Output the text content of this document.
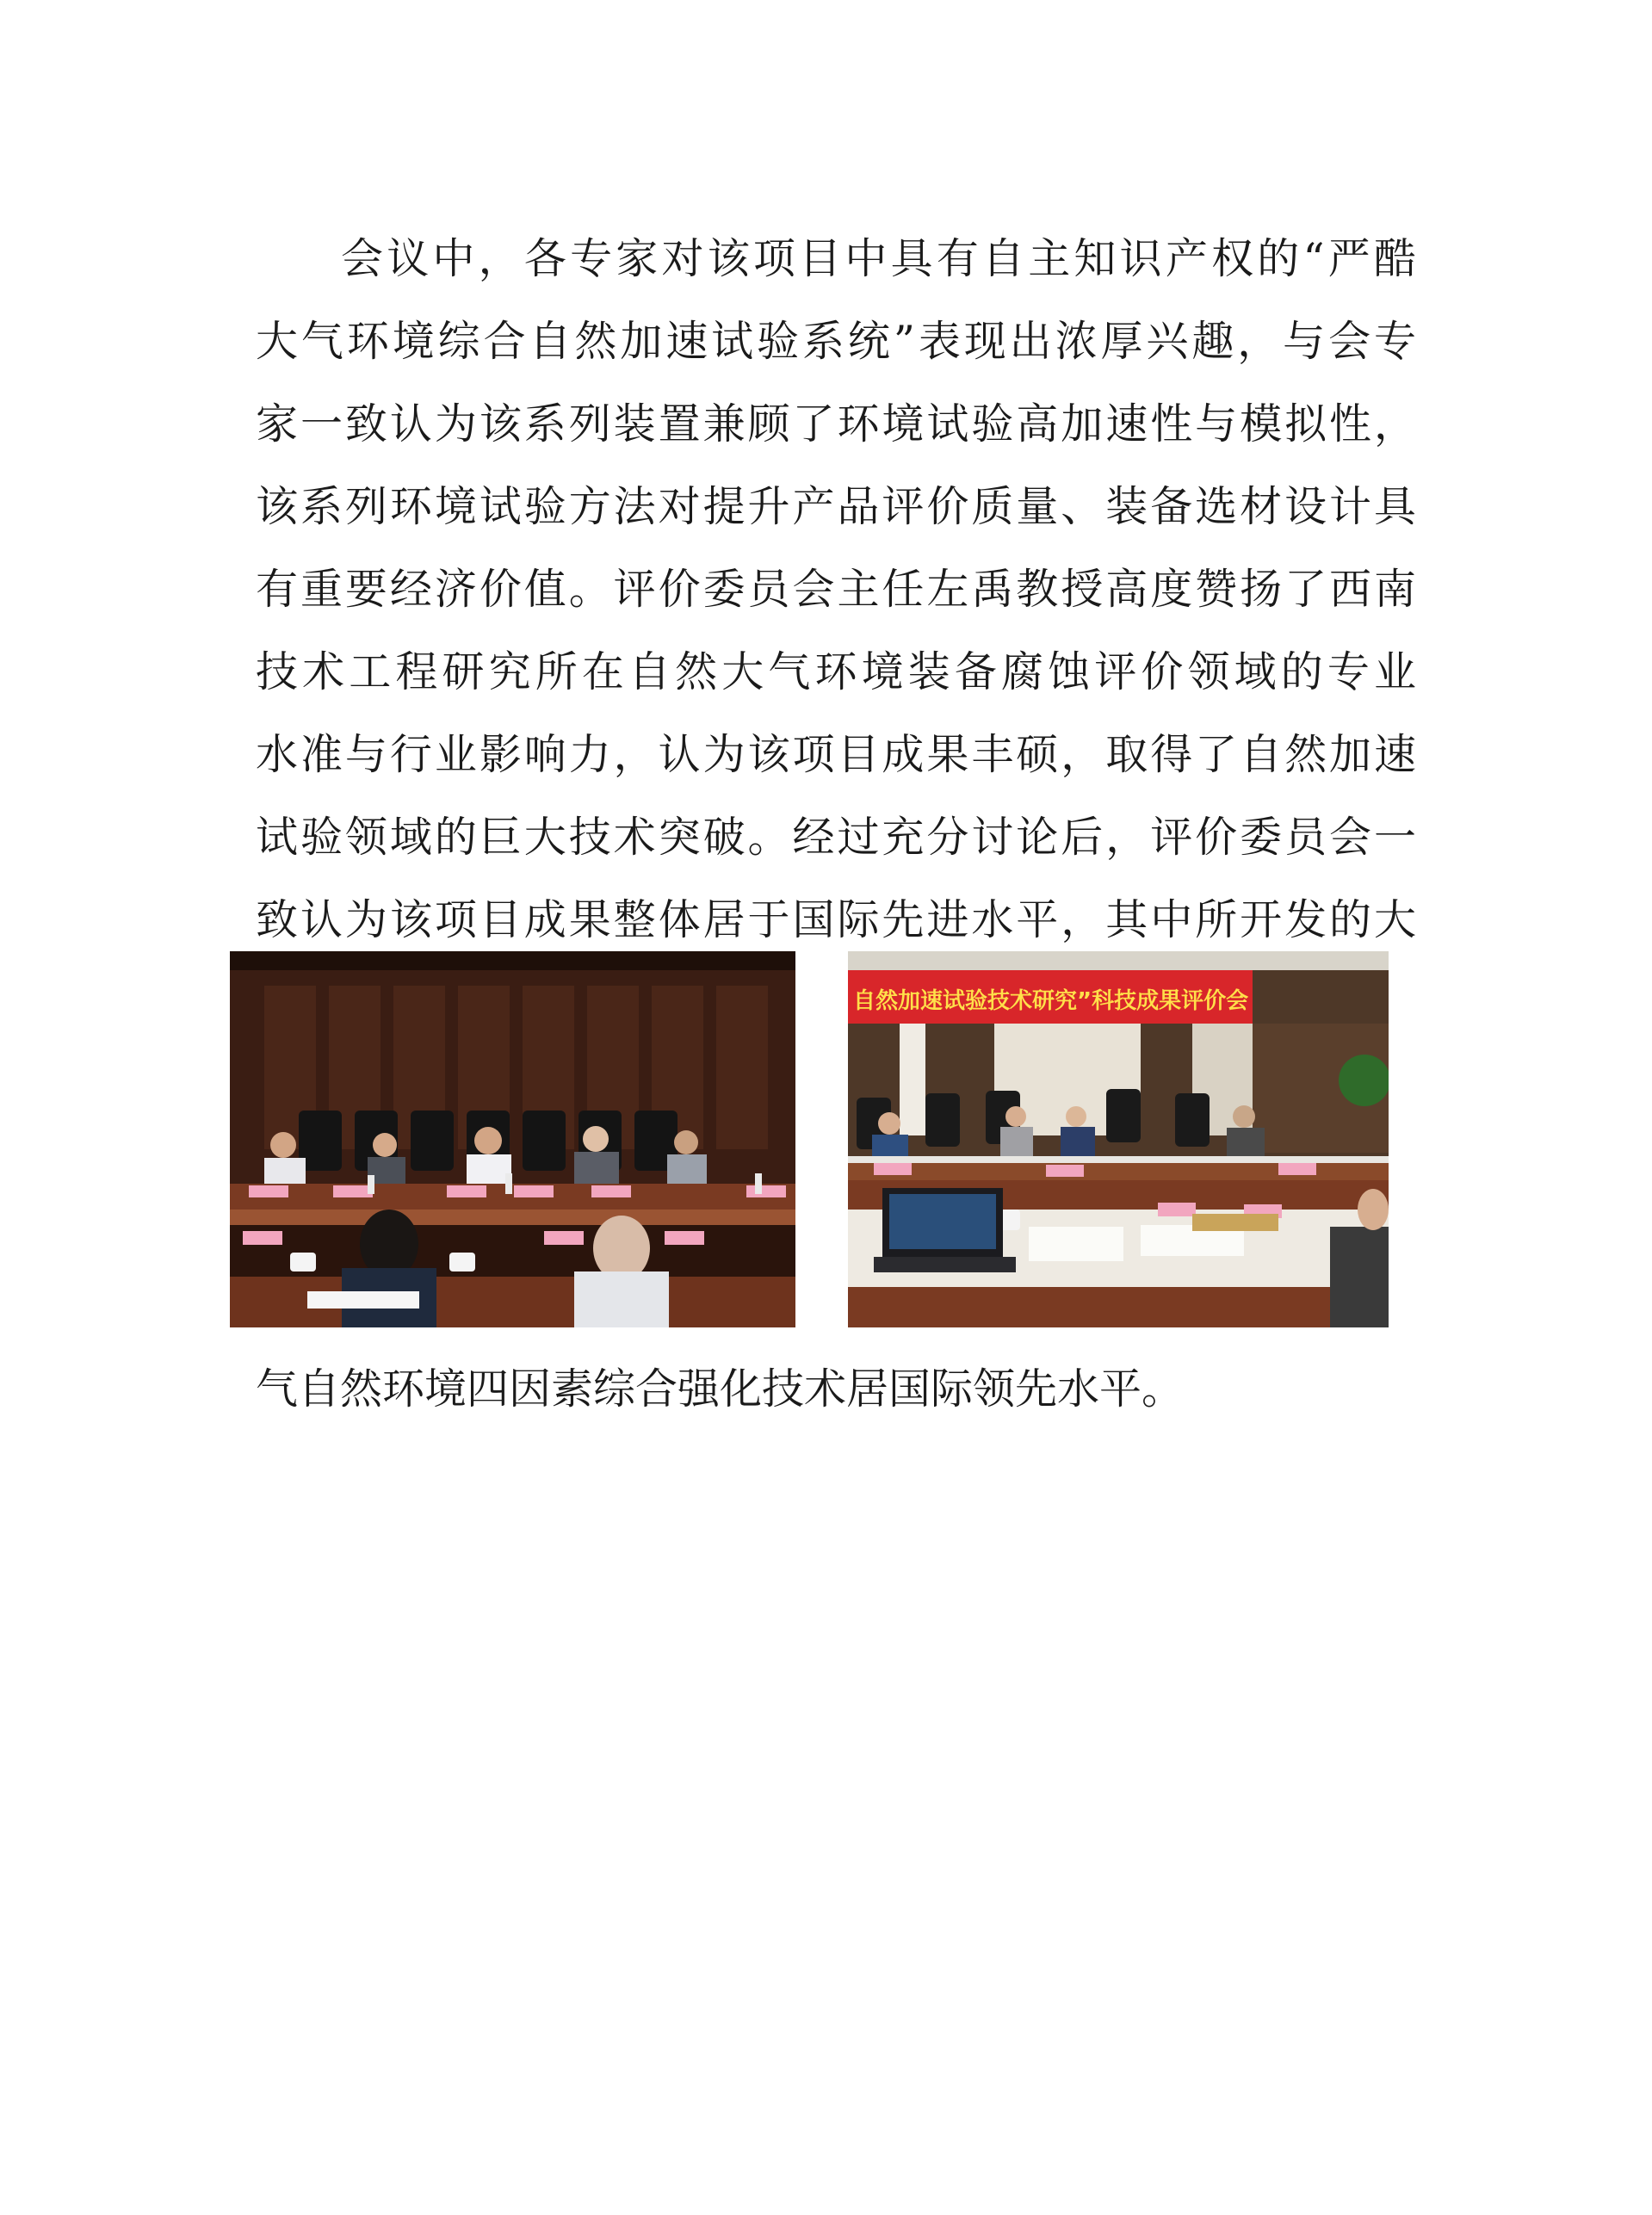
会议中，各专家对该项目中具有自主知识产权的“严酷

大气环境综合自然加速试验系统”表现出浓厚兴趣，与会专

家一致认为该系列装置兼顾了环境试验高加速性与模拟性，

该系列环境试验方法对提升产品评价质量、装备选材设计具

有重要经济价值。评价委员会主任左禹教授高度赞扬了西南

技术工程研究所在自然大气环境装备腐蚀评价领域的专业

水准与行业影响力，认为该项目成果丰硕，取得了自然加速

试验领域的巨大技术突破。经过充分讨论后，评价委员会一

致认为该项目成果整体居于国际先进水平，其中所开发的大

自然加速试验技术研究”科技成果评价会

气自然环境四因素综合强化技术居国际领先水平。
